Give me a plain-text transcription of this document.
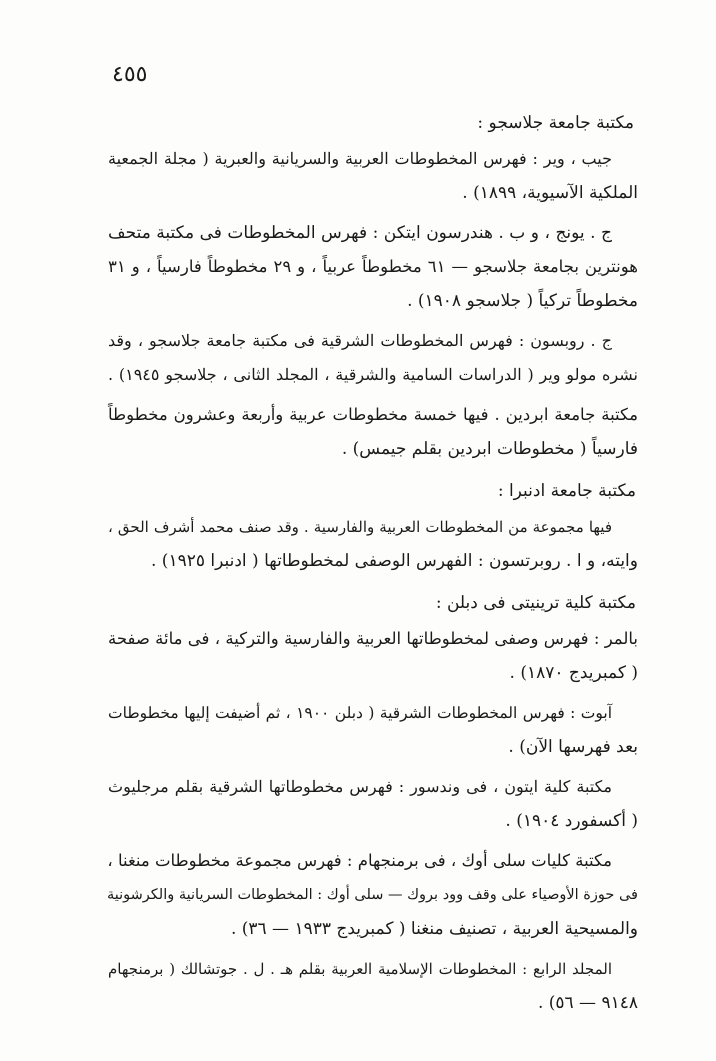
٤٥٥

مكتبة جامعة جلاسجو :

جيب ، وير : فهرس المخطوطات العربية والسريانية والعبرية ( مجلة الجمعية

الملكية الآسيوية، ١٨٩٩) .

ج . يونج ، و ب . هندرسون ايتكن : فهرس المخطوطات فى مكتبة متحف

هونترين بجامعة جلاسجو — ٦١ مخطوطاً عربياً ، و ٢٩ مخطوطاً فارسياً ، و ٣١

مخطوطاً تركياً ( جلاسجو ١٩٠٨) .

ج . روبسون : فهرس المخطوطات الشرقية فى مكتبة جامعة جلاسجو ، وقد

نشره مولو وير ( الدراسات السامية والشرقية ، المجلد الثانى ، جلاسجو ١٩٤٥) .

مكتبة جامعة ابردين . فيها خمسة مخطوطات عربية وأربعة وعشرون مخطوطاً

فارسياً ( مخطوطات ابردين بقلم جيمس) .

مكتبة جامعة ادنبرا :

فيها مجموعة من المخطوطات العربية والفارسية . وقد صنف محمد أشرف الحق ،

وايته، و ا . روبرتسون : الفهرس الوصفى لمخطوطاتها ( ادنبرا ١٩٢٥) .

مكتبة كلية ترينيتى فى دبلن :

بالمر : فهرس وصفى لمخطوطاتها العربية والفارسية والتركية ، فى مائة صفحة

( كمبريدج ١٨٧٠) .

آبوت : فهرس المخطوطات الشرقية ( دبلن ١٩٠٠ ، ثم أضيفت إليها مخطوطات

بعد فهرسها الآن) .

مكتبة كلية ايتون ، فى وندسور : فهرس مخطوطاتها الشرقية بقلم مرجليوث

( أكسفورد ١٩٠٤) .

مكتبة كليات سلى أوك ، فى برمنجهام : فهرس مجموعة مخطوطات منغنا ،

فى حوزة الأوصياء على وقف وود بروك — سلى أوك : المخطوطات السريانية والكرشونية

والمسيحية العربية ، تصنيف منغنا ( كمبريدج ١٩٣٣ — ٣٦) .

المجلد الرابع : المخطوطات الإسلامية العربية بقلم هـ . ل . جوتشالك ( برمنجهام

٩١٤٨ — ٥٦) .
